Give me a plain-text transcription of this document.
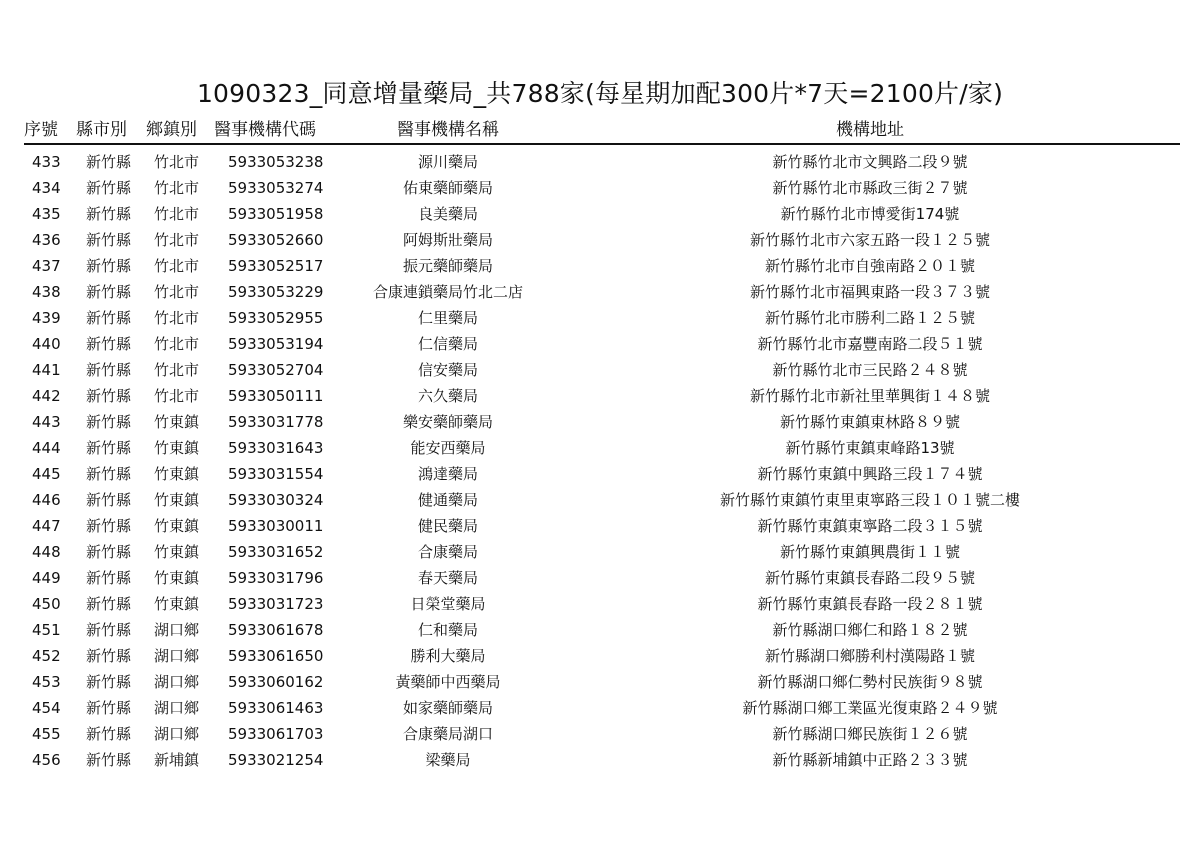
1090323_同意增量藥局_共788家(每星期加配300片*7天=2100片/家)
序號	縣市別	鄉鎮別	醫事機構代碼	醫事機構名稱	機構地址
433	新竹縣	竹北市	5933053238	源川藥局	新竹縣竹北市文興路二段９號
434	新竹縣	竹北市	5933053274	佑東藥師藥局	新竹縣竹北市縣政三街２７號
435	新竹縣	竹北市	5933051958	良美藥局	新竹縣竹北市博愛街174號
436	新竹縣	竹北市	5933052660	阿姆斯壯藥局	新竹縣竹北市六家五路一段１２５號
437	新竹縣	竹北市	5933052517	振元藥師藥局	新竹縣竹北市自強南路２０１號
438	新竹縣	竹北市	5933053229	合康連鎖藥局竹北二店	新竹縣竹北市福興東路一段３７３號
439	新竹縣	竹北市	5933052955	仁里藥局	新竹縣竹北市勝利二路１２５號
440	新竹縣	竹北市	5933053194	仁信藥局	新竹縣竹北市嘉豐南路二段５１號
441	新竹縣	竹北市	5933052704	信安藥局	新竹縣竹北市三民路２４８號
442	新竹縣	竹北市	5933050111	六久藥局	新竹縣竹北市新社里華興街１４８號
443	新竹縣	竹東鎮	5933031778	樂安藥師藥局	新竹縣竹東鎮東林路８９號
444	新竹縣	竹東鎮	5933031643	能安西藥局	新竹縣竹東鎮東峰路13號
445	新竹縣	竹東鎮	5933031554	鴻達藥局	新竹縣竹東鎮中興路三段１７４號
446	新竹縣	竹東鎮	5933030324	健通藥局	新竹縣竹東鎮竹東里東寧路三段１０１號二樓
447	新竹縣	竹東鎮	5933030011	健民藥局	新竹縣竹東鎮東寧路二段３１５號
448	新竹縣	竹東鎮	5933031652	合康藥局	新竹縣竹東鎮興農街１１號
449	新竹縣	竹東鎮	5933031796	春天藥局	新竹縣竹東鎮長春路二段９５號
450	新竹縣	竹東鎮	5933031723	日榮堂藥局	新竹縣竹東鎮長春路一段２８１號
451	新竹縣	湖口鄉	5933061678	仁和藥局	新竹縣湖口鄉仁和路１８２號
452	新竹縣	湖口鄉	5933061650	勝利大藥局	新竹縣湖口鄉勝利村漢陽路１號
453	新竹縣	湖口鄉	5933060162	黃藥師中西藥局	新竹縣湖口鄉仁勢村民族街９８號
454	新竹縣	湖口鄉	5933061463	如家藥師藥局	新竹縣湖口鄉工業區光復東路２４９號
455	新竹縣	湖口鄉	5933061703	合康藥局湖口	新竹縣湖口鄉民族街１２６號
456	新竹縣	新埔鎮	5933021254	梁藥局	新竹縣新埔鎮中正路２３３號
